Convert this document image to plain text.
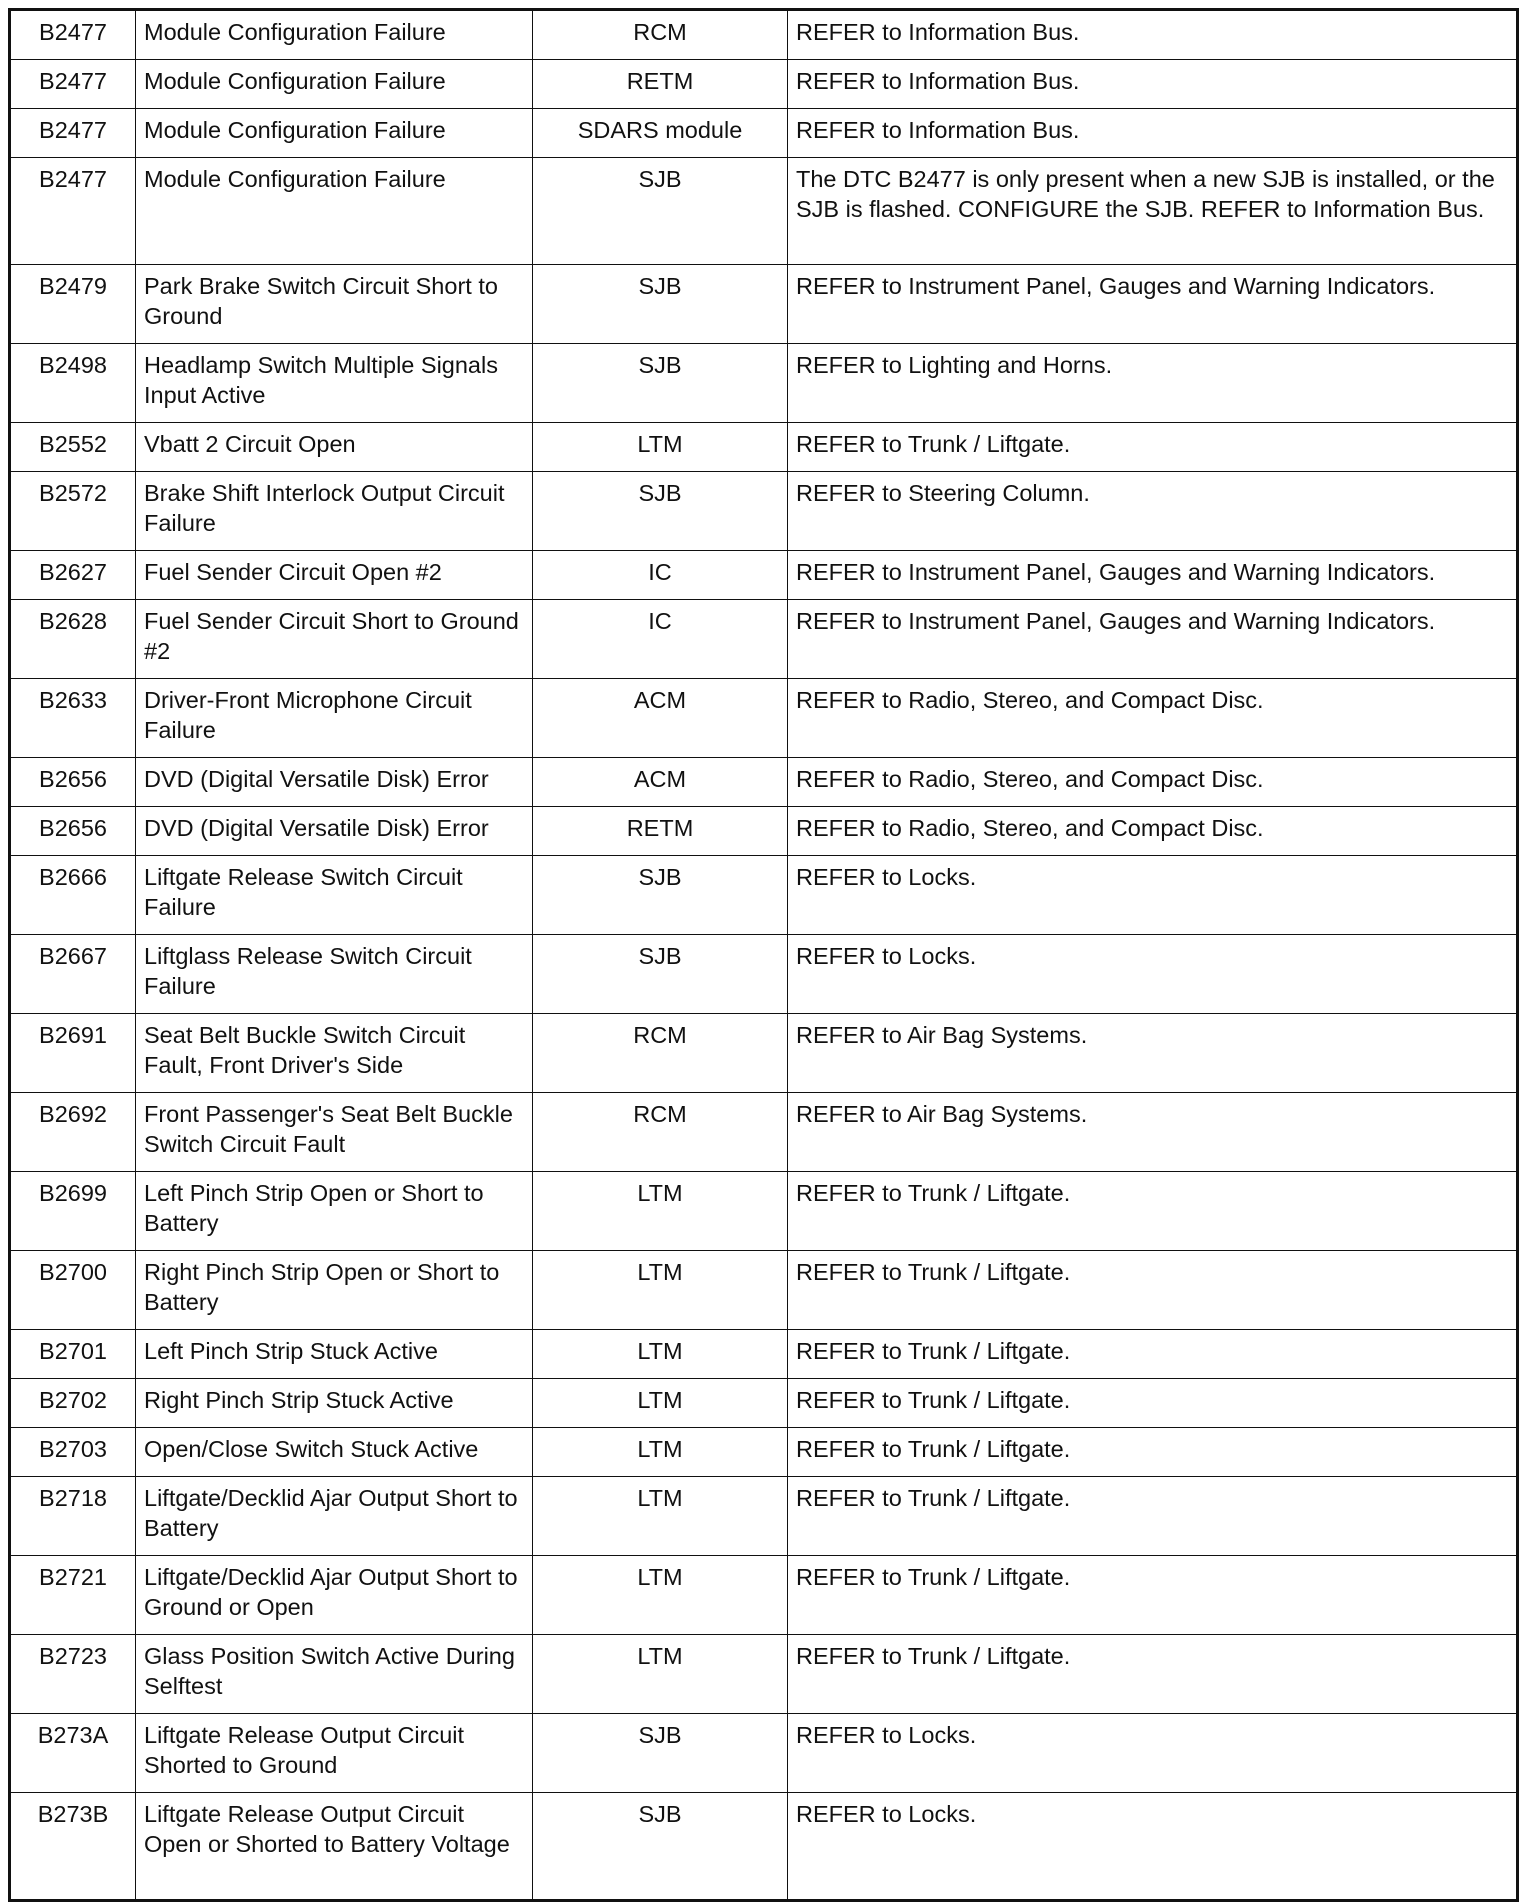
B2477	Module Configuration Failure	RCM	REFER to Information Bus.
B2477	Module Configuration Failure	RETM	REFER to Information Bus.
B2477	Module Configuration Failure	SDARS module	REFER to Information Bus.
B2477	Module Configuration Failure	SJB	The DTC B2477 is only present when a new SJB is installed, or the SJB is flashed. CONFIGURE the SJB. REFER to Information Bus.
B2479	Park Brake Switch Circuit Short to Ground	SJB	REFER to Instrument Panel, Gauges and Warning Indicators.
B2498	Headlamp Switch Multiple Signals Input Active	SJB	REFER to Lighting and Horns.
B2552	Vbatt 2 Circuit Open	LTM	REFER to Trunk / Liftgate.
B2572	Brake Shift Interlock Output Circuit Failure	SJB	REFER to Steering Column.
B2627	Fuel Sender Circuit Open #2	IC	REFER to Instrument Panel, Gauges and Warning Indicators.
B2628	Fuel Sender Circuit Short to Ground #2	IC	REFER to Instrument Panel, Gauges and Warning Indicators.
B2633	Driver-Front Microphone Circuit Failure	ACM	REFER to Radio, Stereo, and Compact Disc.
B2656	DVD (Digital Versatile Disk) Error	ACM	REFER to Radio, Stereo, and Compact Disc.
B2656	DVD (Digital Versatile Disk) Error	RETM	REFER to Radio, Stereo, and Compact Disc.
B2666	Liftgate Release Switch Circuit Failure	SJB	REFER to Locks.
B2667	Liftglass Release Switch Circuit Failure	SJB	REFER to Locks.
B2691	Seat Belt Buckle Switch Circuit Fault, Front Driver's Side	RCM	REFER to Air Bag Systems.
B2692	Front Passenger's Seat Belt Buckle Switch Circuit Fault	RCM	REFER to Air Bag Systems.
B2699	Left Pinch Strip Open or Short to Battery	LTM	REFER to Trunk / Liftgate.
B2700	Right Pinch Strip Open or Short to Battery	LTM	REFER to Trunk / Liftgate.
B2701	Left Pinch Strip Stuck Active	LTM	REFER to Trunk / Liftgate.
B2702	Right Pinch Strip Stuck Active	LTM	REFER to Trunk / Liftgate.
B2703	Open/Close Switch Stuck Active	LTM	REFER to Trunk / Liftgate.
B2718	Liftgate/Decklid Ajar Output Short to Battery	LTM	REFER to Trunk / Liftgate.
B2721	Liftgate/Decklid Ajar Output Short to Ground or Open	LTM	REFER to Trunk / Liftgate.
B2723	Glass Position Switch Active During Selftest	LTM	REFER to Trunk / Liftgate.
B273A	Liftgate Release Output Circuit Shorted to Ground	SJB	REFER to Locks.
B273B	Liftgate Release Output Circuit Open or Shorted to Battery Voltage	SJB	REFER to Locks.
